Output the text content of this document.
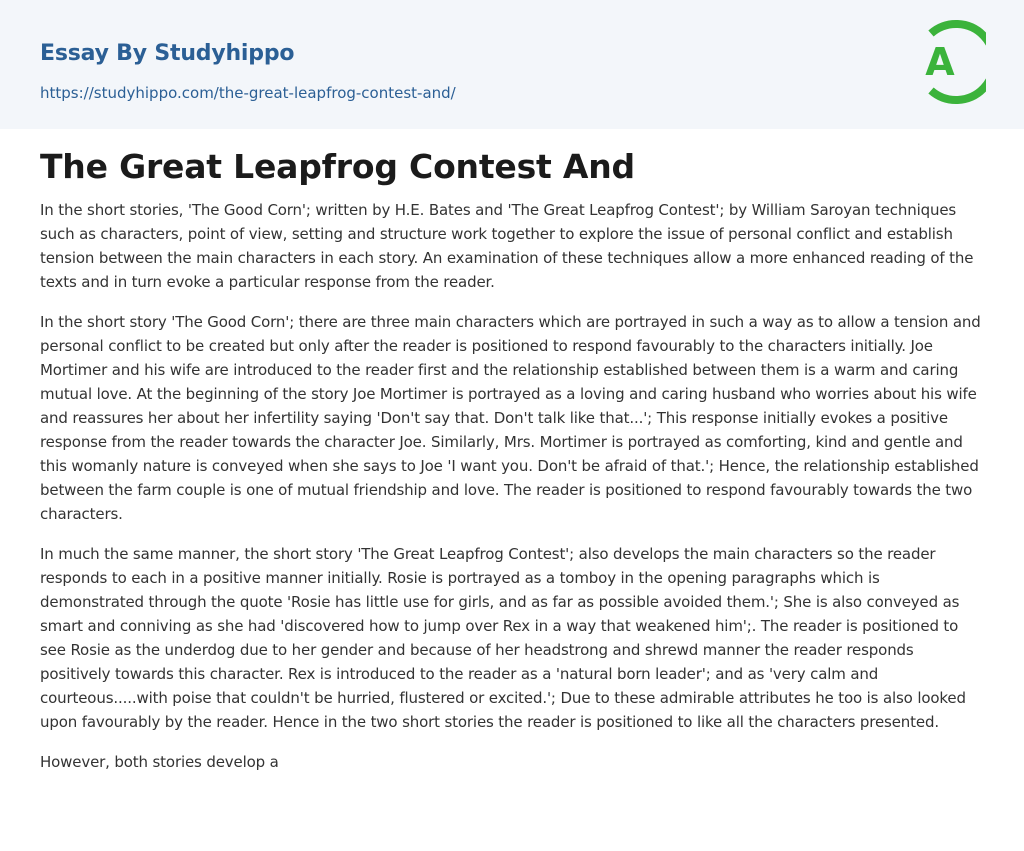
Essay By Studyhippo
https://studyhippo.com/the-great-leapfrog-contest-and/
A
The Great Leapfrog Contest And

In the short stories, 'The Good Corn'; written by H.E. Bates and 'The Great Leapfrog Contest'; by William Saroyan techniques such as characters, point of view, setting and structure work together to explore the issue of personal conflict and establish tension between the main characters in each story. An examination of these techniques allow a more enhanced reading of the texts and in turn evoke a particular response from the reader.

In the short story 'The Good Corn'; there are three main characters which are portrayed in such a way as to allow a tension and personal conflict to be created but only after the reader is positioned to respond favourably to the characters initially. Joe Mortimer and his wife are introduced to the reader first and the relationship established between them is a warm and caring mutual love. At the beginning of the story Joe Mortimer is portrayed as a loving and caring husband who worries about his wife and reassures her about her infertility saying 'Don't say that. Don't talk like that...'; This response initially evokes a positive response from the reader towards the character Joe. Similarly, Mrs. Mortimer is portrayed as comforting, kind and gentle and this womanly nature is conveyed when she says to Joe 'I want you. Don't be afraid of that.'; Hence, the relationship established between the farm couple is one of mutual friendship and love. The reader is positioned to respond favourably towards the two characters.

In much the same manner, the short story 'The Great Leapfrog Contest'; also develops the main characters so the reader responds to each in a positive manner initially. Rosie is portrayed as a tomboy in the opening paragraphs which is demonstrated through the quote 'Rosie has little use for girls, and as far as possible avoided them.'; She is also conveyed as smart and conniving as she had 'discovered how to jump over Rex in a way that weakened him';. The reader is positioned to see Rosie as the underdog due to her gender and because of her headstrong and shrewd manner the reader responds positively towards this character. Rex is introduced to the reader as a 'natural born leader'; and as 'very calm and courteous.....with poise that couldn't be hurried, flustered or excited.'; Due to these admirable attributes he too is also looked upon favourably by the reader. Hence in the two short stories the reader is positioned to like all the characters presented.

However, both stories develop a
